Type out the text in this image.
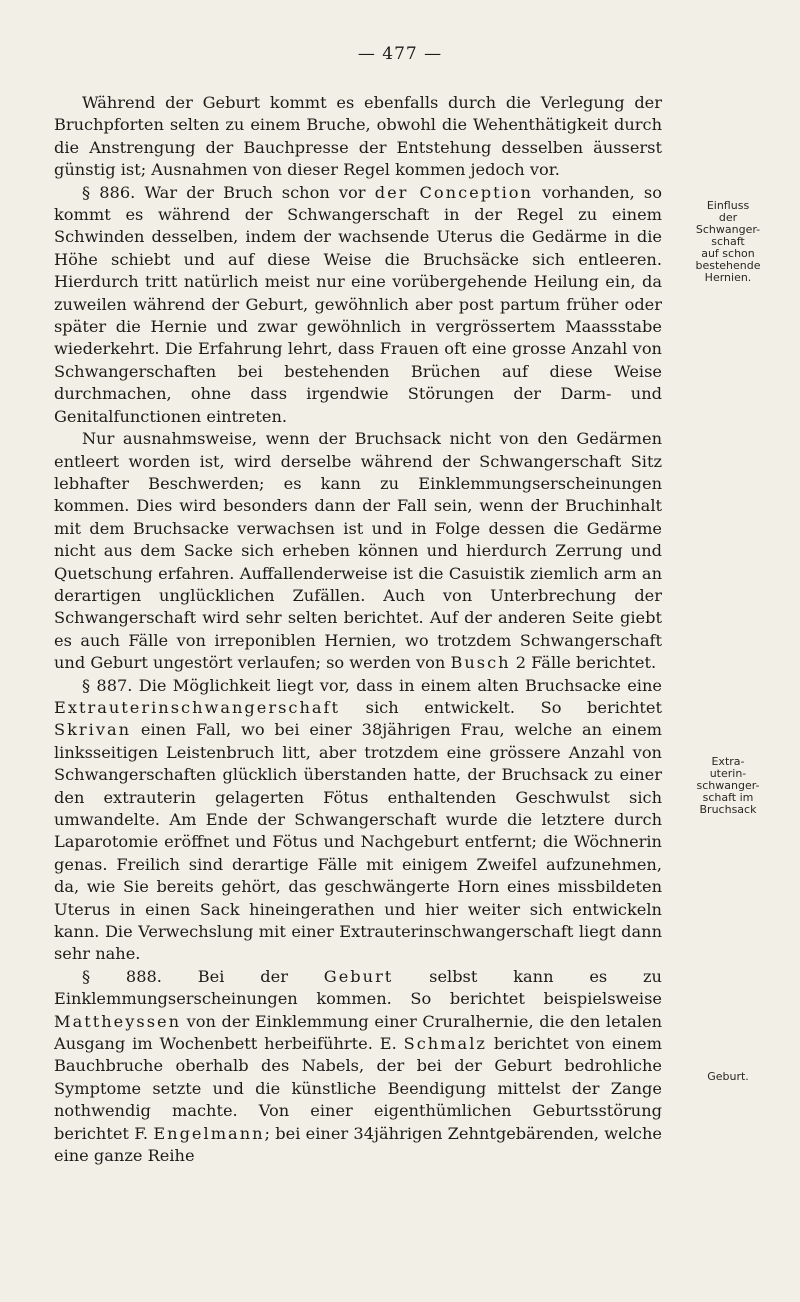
— 477 —

Während der Geburt kommt es ebenfalls durch die Verlegung der Bruchpforten selten zu einem Bruche, obwohl die Wehenthätigkeit durch die Anstrengung der Bauchpresse der Entstehung desselben äusserst günstig ist; Ausnahmen von dieser Regel kommen jedoch vor.

§ 886. War der Bruch schon vor der Conception vorhanden, so kommt es während der Schwangerschaft in der Regel zu einem Schwinden desselben, indem der wachsende Uterus die Gedärme in die Höhe schiebt und auf diese Weise die Bruchsäcke sich entleeren. Hierdurch tritt natürlich meist nur eine vorübergehende Heilung ein, da zuweilen während der Geburt, gewöhnlich aber post partum früher oder später die Hernie und zwar gewöhnlich in vergrössertem Maassstabe wiederkehrt. Die Erfahrung lehrt, dass Frauen oft eine grosse Anzahl von Schwangerschaften bei bestehenden Brüchen auf diese Weise durchmachen, ohne dass irgendwie Störungen der Darm- und Genitalfunctionen eintreten.

Nur ausnahmsweise, wenn der Bruchsack nicht von den Gedärmen entleert worden ist, wird derselbe während der Schwangerschaft Sitz lebhafter Beschwerden; es kann zu Einklemmungserscheinungen kommen. Dies wird besonders dann der Fall sein, wenn der Bruchinhalt mit dem Bruchsacke verwachsen ist und in Folge dessen die Gedärme nicht aus dem Sacke sich erheben können und hierdurch Zerrung und Quetschung erfahren. Auffallenderweise ist die Casuistik ziemlich arm an derartigen unglücklichen Zufällen. Auch von Unterbrechung der Schwangerschaft wird sehr selten berichtet. Auf der anderen Seite giebt es auch Fälle von irreponiblen Hernien, wo trotzdem Schwangerschaft und Geburt ungestört verlaufen; so werden von Busch 2 Fälle berichtet.

§ 887. Die Möglichkeit liegt vor, dass in einem alten Bruchsacke eine Extrauterinschwangerschaft sich entwickelt. So berichtet Skrivan einen Fall, wo bei einer 38jährigen Frau, welche an einem linksseitigen Leistenbruch litt, aber trotzdem eine grössere Anzahl von Schwangerschaften glücklich überstanden hatte, der Bruchsack zu einer den extrauterin gelagerten Fötus enthaltenden Geschwulst sich umwandelte. Am Ende der Schwangerschaft wurde die letztere durch Laparotomie eröffnet und Fötus und Nachgeburt entfernt; die Wöchnerin genas. Freilich sind derartige Fälle mit einigem Zweifel aufzunehmen, da, wie Sie bereits gehört, das geschwängerte Horn eines missbildeten Uterus in einen Sack hineingerathen und hier weiter sich entwickeln kann. Die Verwechslung mit einer Extrauterinschwangerschaft liegt dann sehr nahe.

§ 888. Bei der Geburt selbst kann es zu Einklemmungserscheinungen kommen. So berichtet beispielsweise Mattheyssen von der Einklemmung einer Cruralhernie, die den letalen Ausgang im Wochenbett herbeiführte. E. Schmalz berichtet von einem Bauchbruche oberhalb des Nabels, der bei der Geburt bedrohliche Symptome setzte und die künstliche Beendigung mittelst der Zange nothwendig machte. Von einer eigenthümlichen Geburtsstörung berichtet F. Engelmann; bei einer 34jährigen Zehntgebärenden, welche eine ganze Reihe

Einfluss
der
Schwanger-
schaft
auf schon
bestehende
Hernien.
Extra-
uterin-
schwanger-
schaft im
Bruchsack
Geburt.
